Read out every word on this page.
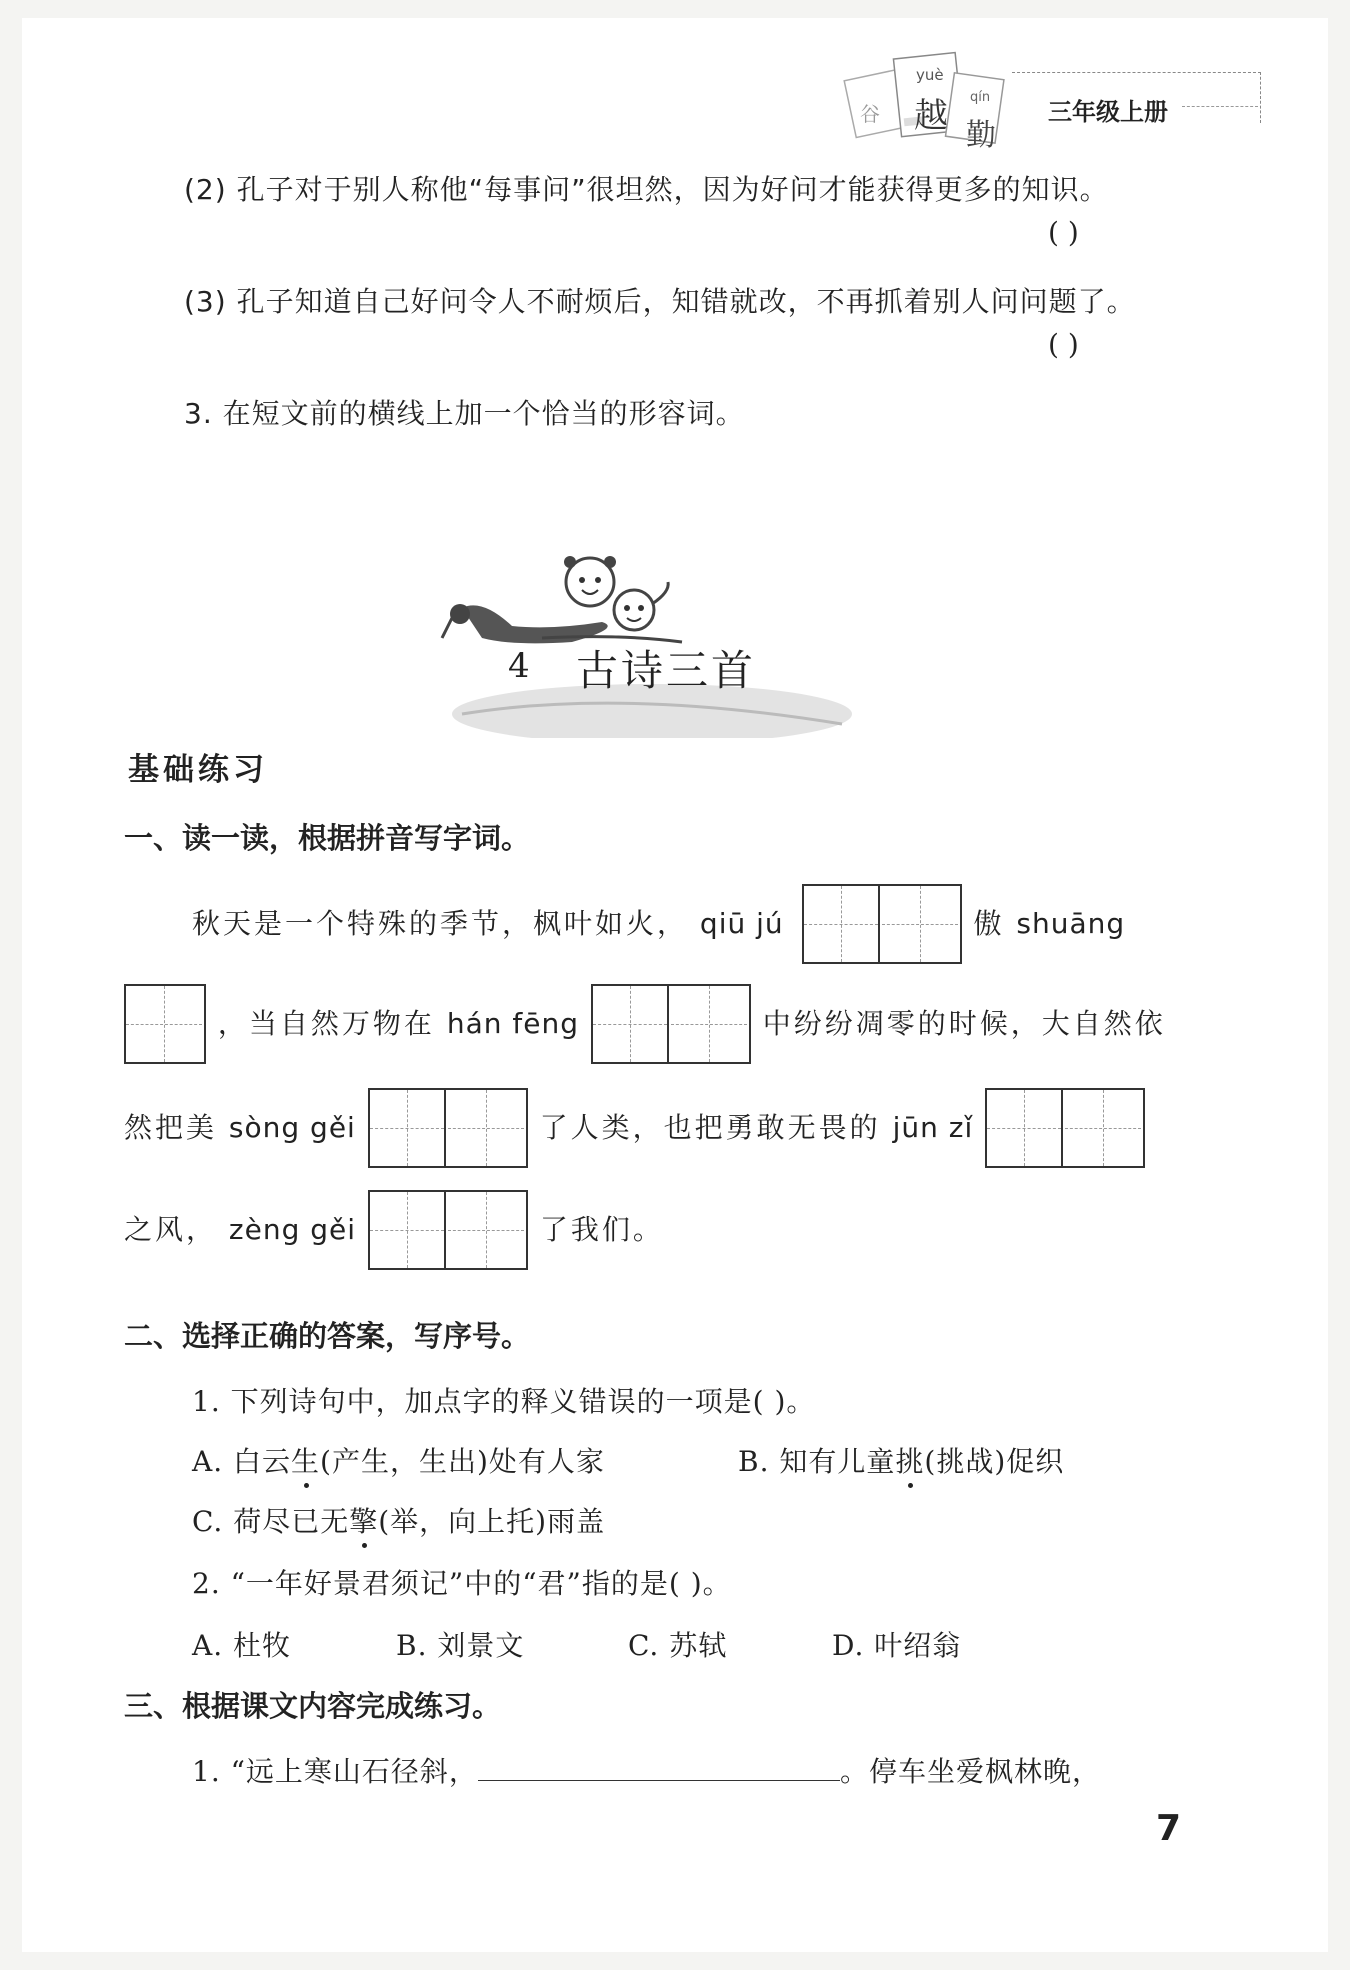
谷
yuè
越 qín
勤
三年级上册
(2) 孔子对于别人称他“每事问”很坦然，因为好问才能获得更多的知识。
( )
(3) 孔子知道自己好问令人不耐烦后，知错就改，不再抓着别人问问题了。
( )
3. 在短文前的横线上加一个恰当的形容词。
4 古诗三首
基础练习
一、读一读，根据拼音写字词。
秋天是一个特殊的季节，枫叶如火， qiū jú	傲 shuāng
，当自然万物在 hán fēng	中纷纷凋零的时候，大自然依
然把美 sòng gěi	了人类，也把勇敢无畏的 jūn zǐ
之风， zèng gěi	了我们。
二、选择正确的答案，写序号。
1. 下列诗句中，加点字的释义错误的一项是( )。
A. 白云生(产生，生出)处有人家	B. 知有儿童挑(挑战)促织
C. 荷尽已无擎(举，向上托)雨盖
2. “一年好景君须记”中的“君”指的是( )。
A. 杜牧	B. 刘景文	C. 苏轼	D. 叶绍翁
三、根据课文内容完成练习。
1. “远上寒山石径斜，	。停车坐爱枫林晚，
7
